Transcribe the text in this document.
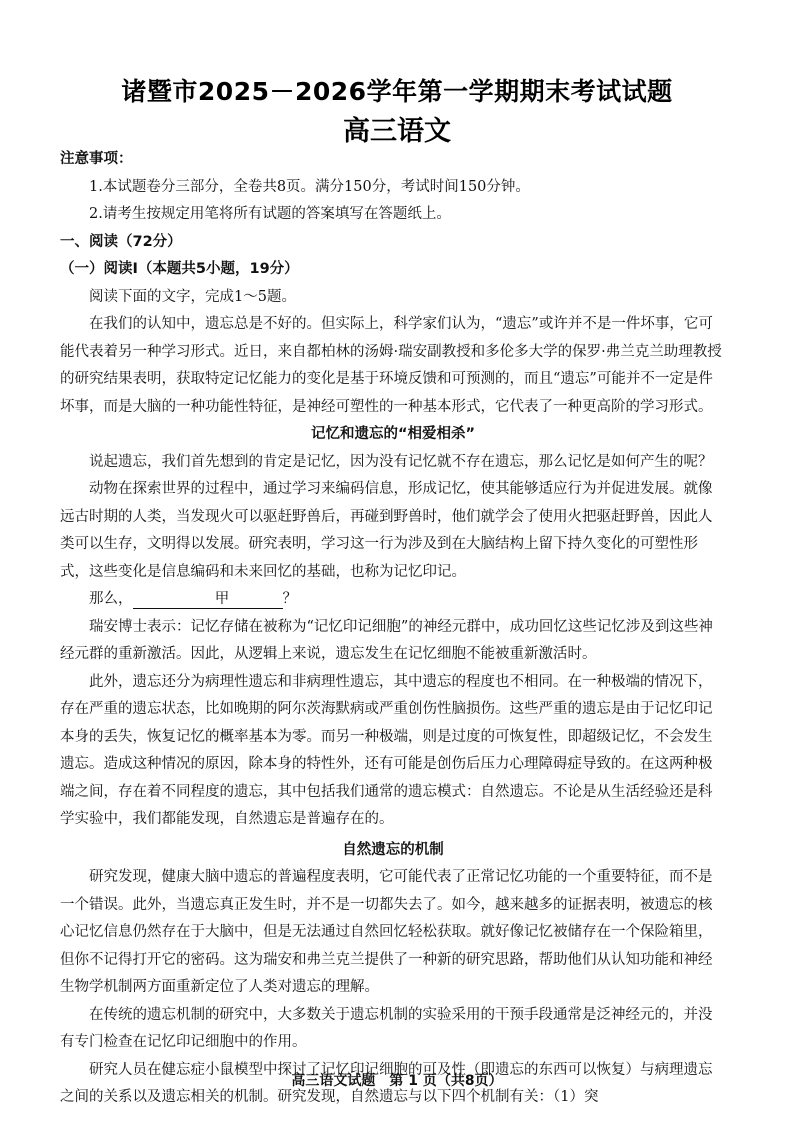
诸暨市2025－2026学年第一学期期末考试试题
高三语文

注意事项：

1.本试题卷分三部分，全卷共8页。满分150分，考试时间150分钟。

2.请考生按规定用笔将所有试题的答案填写在答题纸上。

一、阅读（72分）

（一）阅读Ⅰ（本题共5小题，19分）

阅读下面的文字，完成1～5题。

在我们的认知中，遗忘总是不好的。但实际上，科学家们认为，“遗忘”或许并不是一件坏事，它可能代表着另一种学习形式。近日，来自都柏林的汤姆·瑞安副教授和多伦多大学的保罗·弗兰克兰助理教授的研究结果表明，获取特定记忆能力的变化是基于环境反馈和可预测的，而且“遗忘”可能并不一定是件坏事，而是大脑的一种功能性特征，是神经可塑性的一种基本形式，它代表了一种更高阶的学习形式。

记忆和遗忘的“相爱相杀”

说起遗忘，我们首先想到的肯定是记忆，因为没有记忆就不存在遗忘，那么记忆是如何产生的呢？

动物在探索世界的过程中，通过学习来编码信息，形成记忆，使其能够适应行为并促进发展。就像远古时期的人类，当发现火可以驱赶野兽后，再碰到野兽时，他们就学会了使用火把驱赶野兽，因此人类可以生存，文明得以发展。研究表明，学习这一行为涉及到在大脑结构上留下持久变化的可塑性形式，这些变化是信息编码和未来回忆的基础，也称为记忆印记。

那么，	甲	？

瑞安博士表示：记忆存储在被称为“记忆印记细胞”的神经元群中，成功回忆这些记忆涉及到这些神经元群的重新激活。因此，从逻辑上来说，遗忘发生在记忆细胞不能被重新激活时。

此外，遗忘还分为病理性遗忘和非病理性遗忘，其中遗忘的程度也不相同。在一种极端的情况下，存在严重的遗忘状态，比如晚期的阿尔茨海默病或严重创伤性脑损伤。这些严重的遗忘是由于记忆印记本身的丢失，恢复记忆的概率基本为零。而另一种极端，则是过度的可恢复性，即超级记忆，不会发生遗忘。造成这种情况的原因，除本身的特性外，还有可能是创伤后压力心理障碍症导致的。在这两种极端之间，存在着不同程度的遗忘，其中包括我们通常的遗忘模式：自然遗忘。不论是从生活经验还是科学实验中，我们都能发现，自然遗忘是普遍存在的。

自然遗忘的机制

研究发现，健康大脑中遗忘的普遍程度表明，它可能代表了正常记忆功能的一个重要特征，而不是一个错误。此外，当遗忘真正发生时，并不是一切都失去了。如今，越来越多的证据表明，被遗忘的核心记忆信息仍然存在于大脑中，但是无法通过自然回忆轻松获取。就好像记忆被储存在一个保险箱里，但你不记得打开它的密码。这为瑞安和弗兰克兰提供了一种新的研究思路，帮助他们从认知功能和神经生物学机制两方面重新定位了人类对遗忘的理解。

在传统的遗忘机制的研究中，大多数关于遗忘机制的实验采用的干预手段通常是泛神经元的，并没有专门检查在记忆印记细胞中的作用。

研究人员在健忘症小鼠模型中探讨了记忆印记细胞的可及性（即遗忘的东西可以恢复）与病理遗忘之间的关系以及遗忘相关的机制。研究发现，自然遗忘与以下四个机制有关：（1）突

高三语文试题　第 1 页（共8页）
